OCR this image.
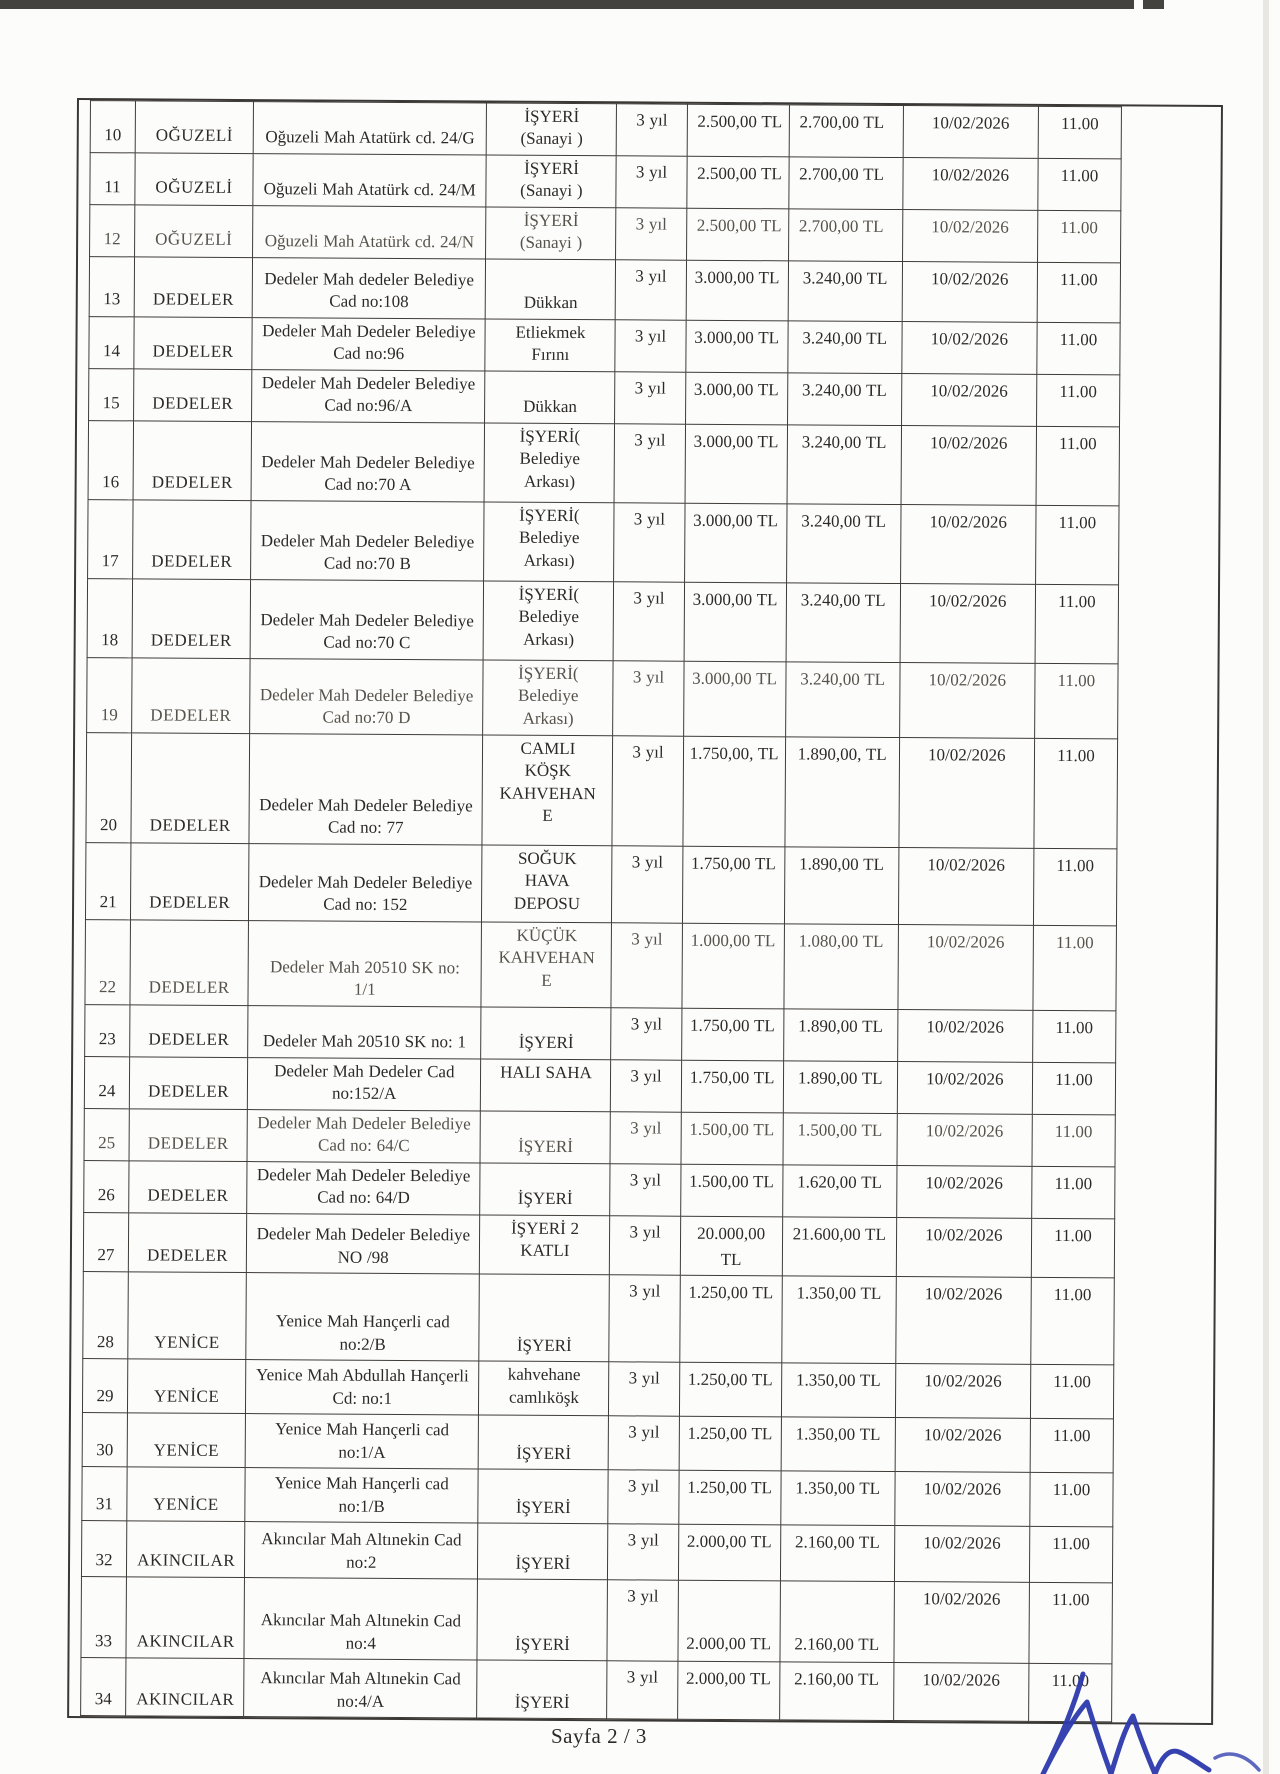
10	OĞUZELİ	Oğuzeli Mah Atatürk cd. 24/G	İŞYERİ (Sanayi )	3 yıl	2.500,00 TL	2.700,00 TL	10/02/2026	11.00
11	OĞUZELİ	Oğuzeli Mah Atatürk cd. 24/M	İŞYERİ (Sanayi )	3 yıl	2.500,00 TL	2.700,00 TL	10/02/2026	11.00
12	OĞUZELİ	Oğuzeli Mah Atatürk cd. 24/N	İŞYERİ (Sanayi )	3 yıl	2.500,00 TL	2.700,00 TL	10/02/2026	11.00
13	DEDELER	Dedeler Mah dedeler Belediye Cad no:108	Dükkan	3 yıl	3.000,00 TL	3.240,00 TL	10/02/2026	11.00
14	DEDELER	Dedeler Mah Dedeler Belediye Cad no:96	Etliekmek Fırını	3 yıl	3.000,00 TL	3.240,00 TL	10/02/2026	11.00
15	DEDELER	Dedeler Mah Dedeler Belediye Cad no:96/A	Dükkan	3 yıl	3.000,00 TL	3.240,00 TL	10/02/2026	11.00
16	DEDELER	Dedeler Mah Dedeler Belediye Cad no:70 A	İŞYERİ( Belediye Arkası)	3 yıl	3.000,00 TL	3.240,00 TL	10/02/2026	11.00
17	DEDELER	Dedeler Mah Dedeler Belediye Cad no:70 B	İŞYERİ( Belediye Arkası)	3 yıl	3.000,00 TL	3.240,00 TL	10/02/2026	11.00
18	DEDELER	Dedeler Mah Dedeler Belediye Cad no:70 C	İŞYERİ( Belediye Arkası)	3 yıl	3.000,00 TL	3.240,00 TL	10/02/2026	11.00
19	DEDELER	Dedeler Mah Dedeler Belediye Cad no:70 D	İŞYERİ( Belediye Arkası)	3 yıl	3.000,00 TL	3.240,00 TL	10/02/2026	11.00
20	DEDELER	Dedeler Mah Dedeler Belediye Cad no: 77	CAMLI KÖŞK KAHVEHANE	3 yıl	1.750,00, TL	1.890,00, TL	10/02/2026	11.00
21	DEDELER	Dedeler Mah Dedeler Belediye Cad no: 152	SOĞUK HAVA DEPOSU	3 yıl	1.750,00 TL	1.890,00 TL	10/02/2026	11.00
22	DEDELER	Dedeler Mah 20510 SK no: 1/1	KÜÇÜK KAHVEHANE	3 yıl	1.000,00 TL	1.080,00 TL	10/02/2026	11.00
23	DEDELER	Dedeler Mah 20510 SK no: 1	İŞYERİ	3 yıl	1.750,00 TL	1.890,00 TL	10/02/2026	11.00
24	DEDELER	Dedeler Mah Dedeler Cad no:152/A	HALI SAHA	3 yıl	1.750,00 TL	1.890,00 TL	10/02/2026	11.00
25	DEDELER	Dedeler Mah Dedeler Belediye Cad no: 64/C	İŞYERİ	3 yıl	1.500,00 TL	1.500,00 TL	10/02/2026	11.00
26	DEDELER	Dedeler Mah Dedeler Belediye Cad no: 64/D	İŞYERİ	3 yıl	1.500,00 TL	1.620,00 TL	10/02/2026	11.00
27	DEDELER	Dedeler Mah Dedeler Belediye NO /98	İŞYERİ 2 KATLI	3 yıl	20.000,00 TL	21.600,00 TL	10/02/2026	11.00
28	YENİCE	Yenice Mah Hançerli cad no:2/B	İŞYERİ	3 yıl	1.250,00 TL	1.350,00 TL	10/02/2026	11.00
29	YENİCE	Yenice Mah Abdullah Hançerli Cd: no:1	kahvehane camlıköşk	3 yıl	1.250,00 TL	1.350,00 TL	10/02/2026	11.00
30	YENİCE	Yenice Mah Hançerli cad no:1/A	İŞYERİ	3 yıl	1.250,00 TL	1.350,00 TL	10/02/2026	11.00
31	YENİCE	Yenice Mah Hançerli cad no:1/B	İŞYERİ	3 yıl	1.250,00 TL	1.350,00 TL	10/02/2026	11.00
32	AKINCILAR	Akıncılar Mah Altınekin Cad no:2	İŞYERİ	3 yıl	2.000,00 TL	2.160,00 TL	10/02/2026	11.00
33	AKINCILAR	Akıncılar Mah Altınekin Cad no:4	İŞYERİ	3 yıl	2.000,00 TL	2.160,00 TL	10/02/2026	11.00
34	AKINCILAR	Akıncılar Mah Altınekin Cad no:4/A	İŞYERİ	3 yıl	2.000,00 TL	2.160,00 TL	10/02/2026	11.00
Sayfa 2 / 3
